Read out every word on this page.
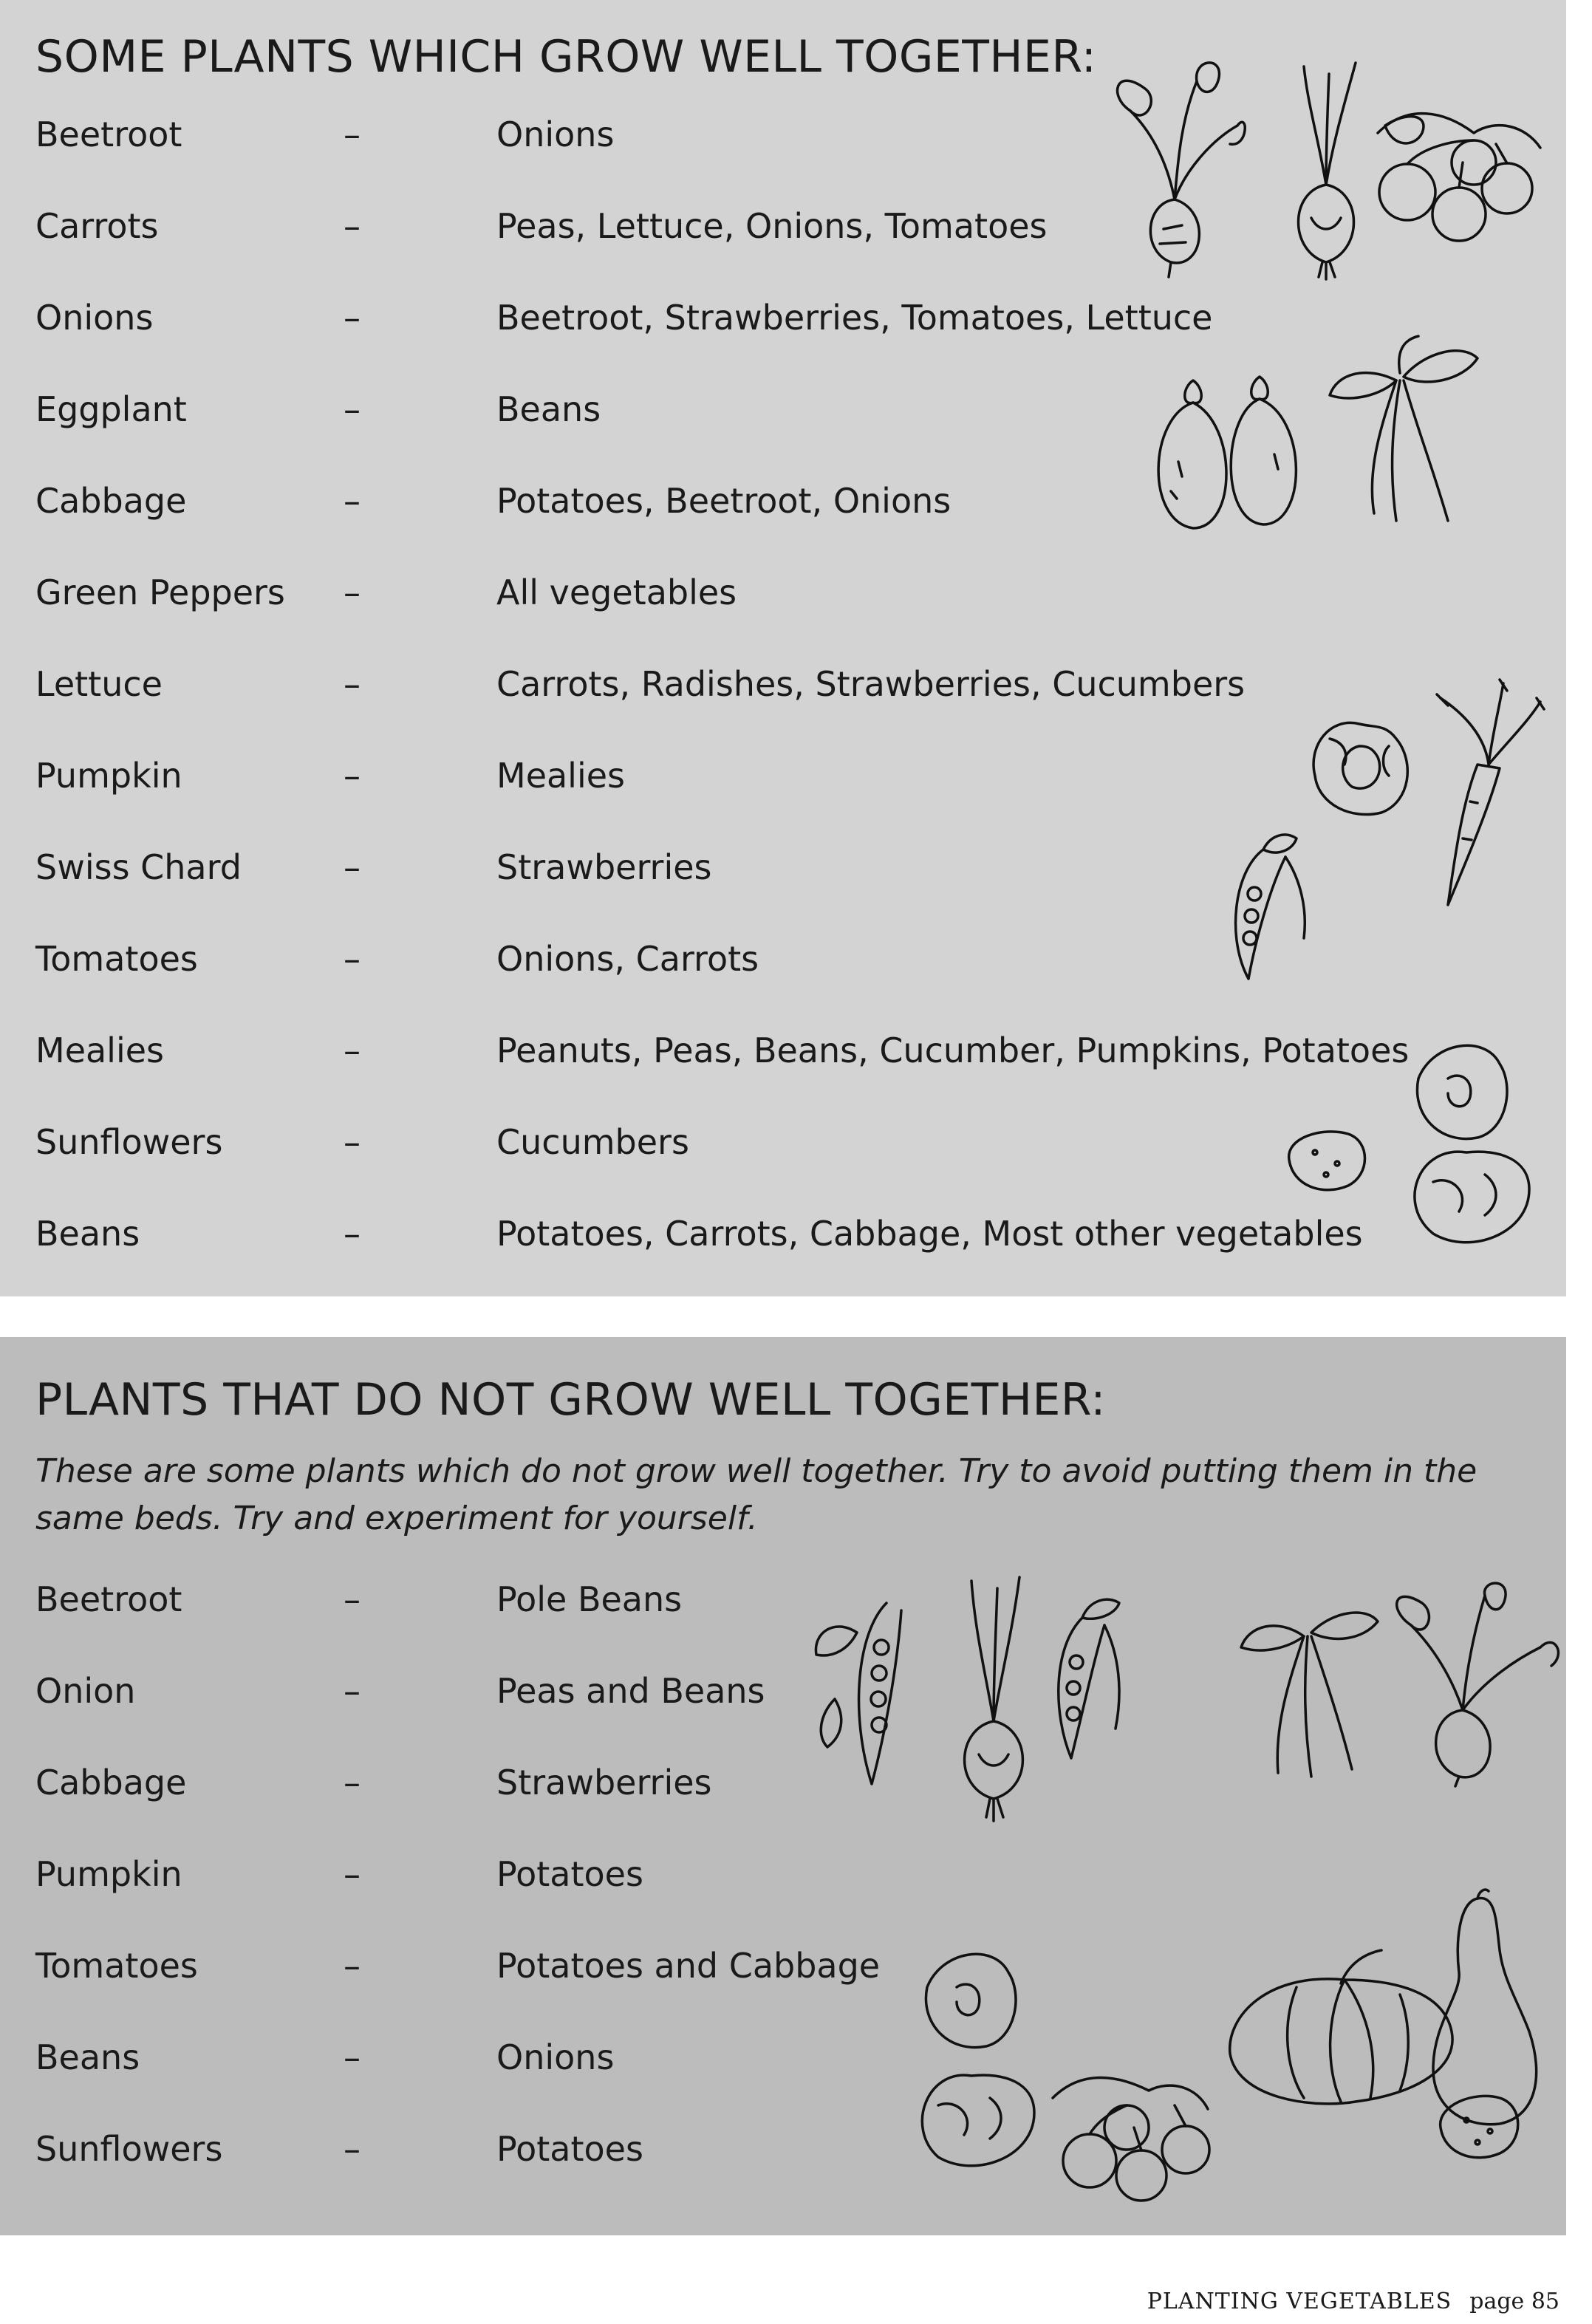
SOME PLANTS WHICH GROW WELL TOGETHER:
Beetroot	–	Onions
Carrots	–	Peas, Lettuce, Onions, Tomatoes
Onions	–	Beetroot, Strawberries, Tomatoes, Lettuce
Eggplant	–	Beans
Cabbage	–	Potatoes, Beetroot, Onions
Green Peppers –	All vegetables
Lettuce	–	Carrots, Radishes, Strawberries, Cucumbers
Pumpkin	–	Mealies
Swiss Chard	–	Strawberries
Tomatoes	–	Onions, Carrots
Mealies	–	Peanuts, Peas, Beans, Cucumber, Pumpkins, Potatoes
Sunflowers	–	Cucumbers
Beans	–	Potatoes, Carrots, Cabbage, Most other vegetables
PLANTS THAT DO NOT GROW WELL TOGETHER:

These are some plants which do not grow well together. Try to avoid putting them in the same beds. Try and experiment for yourself.

Beetroot	–	Pole Beans
Onion	–	Peas and Beans
Cabbage	–	Strawberries
Pumpkin	–	Potatoes
Tomatoes	–	Potatoes and Cabbage
Beans	–	Onions
Sunflowers	–	Potatoes
PLANTING VEGETABLES page 85
